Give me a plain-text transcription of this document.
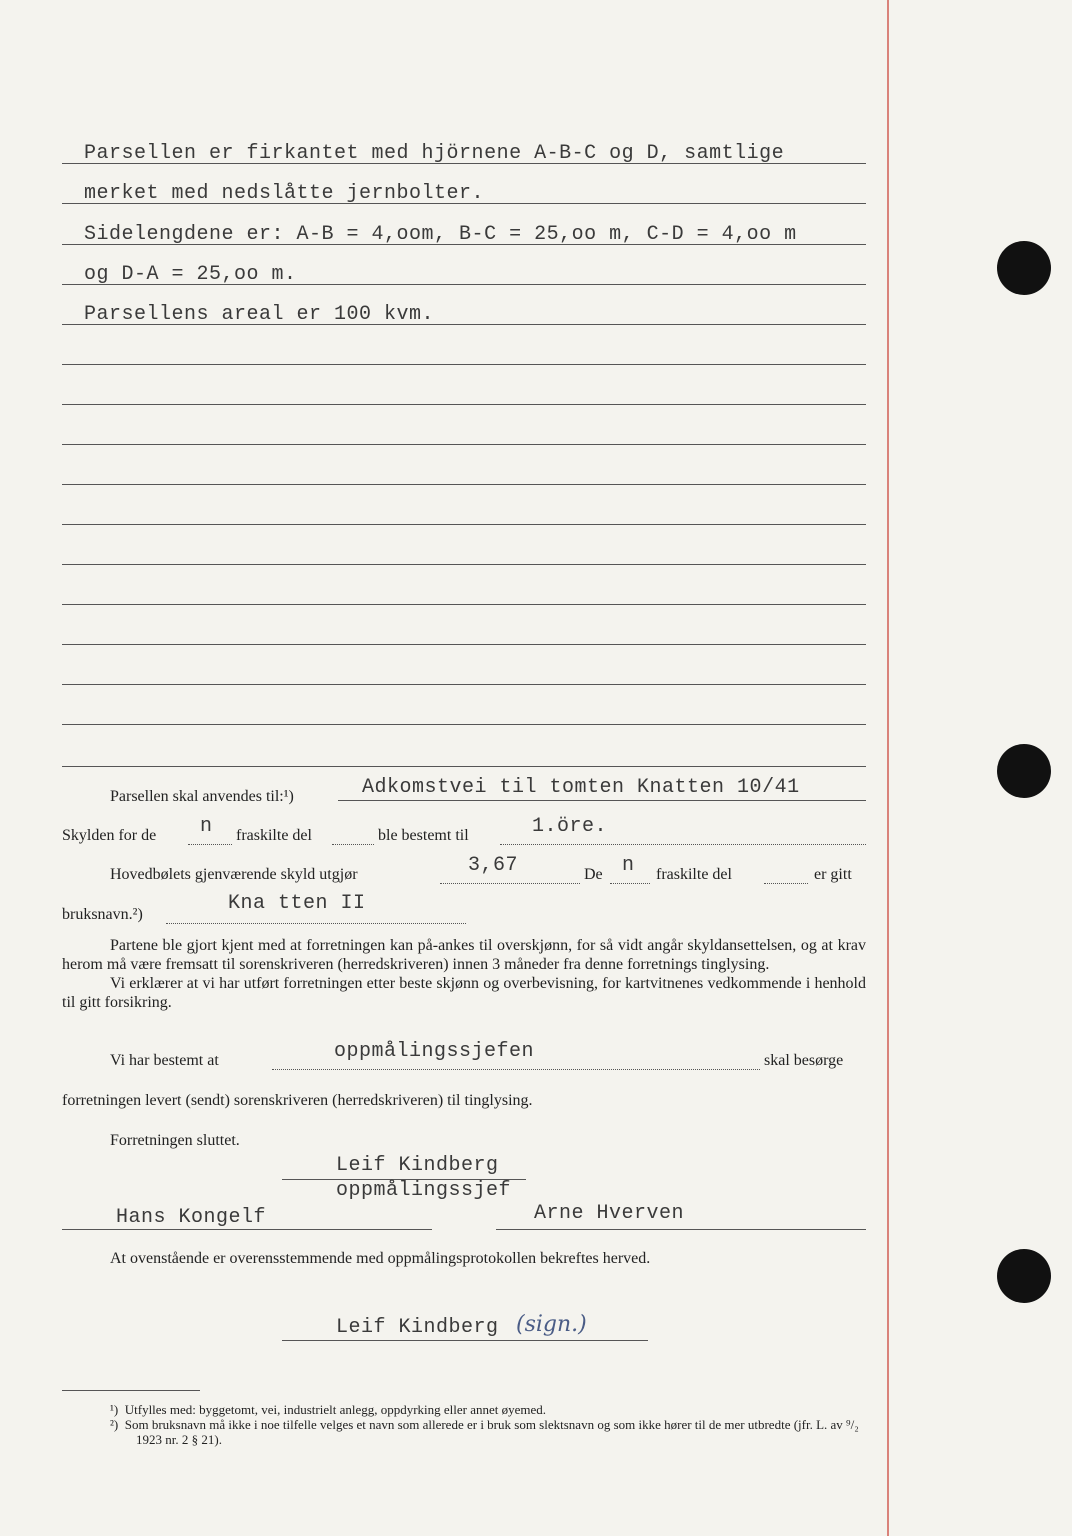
Parsellen er firkantet med hjörnene A-B-C og D, samtlige
merket med nedslåtte jernbolter.
Sidelengdene er: A-B = 4,oom, B-C = 25,oo m, C-D = 4,oo m
og D-A = 25,oo m.
Parsellens areal er 100 kvm.
Parsellen skal anvendes til:¹)	Adkomstvei til tomten Knatten 10/41
Skylden for de n fraskilte del	ble bestemt til	1.öre.
Hovedbølets gjenværende skyld utgjør	3,67	De n fraskilte del	er gitt
bruksnavn.²)	Kna tten II

Partene ble gjort kjent med at forretningen kan på-ankes til overskjønn, for så vidt angår skyldansettelsen, og at krav herom må være fremsatt til sorenskriveren (herredskriveren) innen 3 måneder fra denne forretnings tinglysing.

Vi erklærer at vi har utført forretningen etter beste skjønn og overbevisning, for kartvitnenes vedkommende i henhold til gitt forsikring.

Vi har bestemt at	oppmålingssjefen	skal besørge
forretningen levert (sendt) sorenskriveren (herredskriveren) til tinglysing.
Forretningen sluttet.
Leif Kindberg
oppmålingssjef
Hans Kongelf	Arne Hverven
At ovenstående er overensstemmende med oppmålingsprotokollen bekreftes herved.
Leif Kindberg (sign.)
¹) Utfylles med: byggetomt, vei, industrielt anlegg, oppdyrking eller annet øyemed.
²) Som bruksnavn må ikke i noe tilfelle velges et navn som allerede er i bruk som slektsnavn og som ikke hører til de mer utbredte (jfr. L. av ⁹/₂ 1923 nr. 2 § 21).
